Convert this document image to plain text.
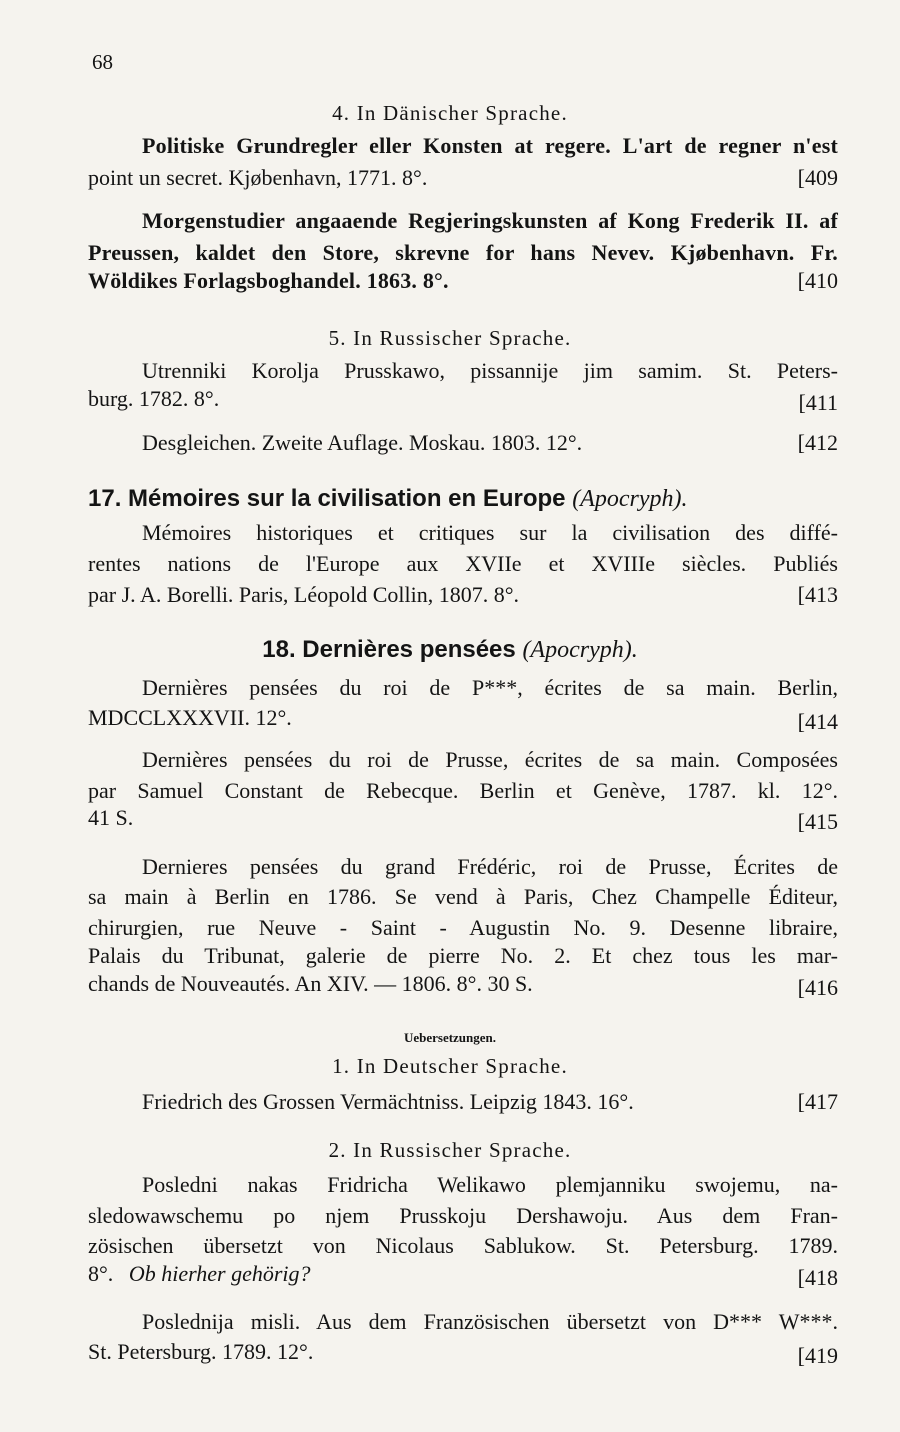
68
4. In Dänischer Sprache.
Politiske Grundregler eller Konsten at regere. L'art de regner n'est
point un secret. Kjøbenhavn, 1771. 8°.	[409
Morgenstudier angaaende Regjeringskunsten af Kong Frederik II. af
Preussen, kaldet den Store, skrevne for hans Nevev. Kjøbenhavn. Fr.
Wöldikes Forlagsboghandel. 1863. 8°.	[410
5. In Russischer Sprache.
Utrenniki Korolja Prusskawo, pissannije jim samim. St. Peters-
burg. 1782. 8°.	[411
Desgleichen. Zweite Auflage. Moskau. 1803. 12°.	[412
17. Mémoires sur la civilisation en Europe (Apocryph).
Mémoires historiques et critiques sur la civilisation des diffé-
rentes nations de l'Europe aux XVIIe et XVIIIe siècles. Publiés
par J. A. Borelli. Paris, Léopold Collin, 1807. 8°.	[413
18. Dernières pensées (Apocryph).
Dernières pensées du roi de P***, écrites de sa main. Berlin,
MDCCLXXXVII. 12°.	[414
Dernières pensées du roi de Prusse, écrites de sa main. Composées
par Samuel Constant de Rebecque. Berlin et Genève, 1787. kl. 12°.
41 S.	[415
Dernieres pensées du grand Frédéric, roi de Prusse, Écrites de
sa main à Berlin en 1786. Se vend à Paris, Chez Champelle Éditeur,
chirurgien, rue Neuve - Saint - Augustin No. 9. Desenne libraire,
Palais du Tribunat, galerie de pierre No. 2. Et chez tous les mar-
chands de Nouveautés. An XIV. — 1806. 8°. 30 S.	[416
Uebersetzungen.
1. In Deutscher Sprache.
Friedrich des Grossen Vermächtniss. Leipzig 1843. 16°.	[417
2. In Russischer Sprache.
Posledni nakas Fridricha Welikawo plemjanniku swojemu, na-
sledowawschemu po njem Prusskoju Dershawoju. Aus dem Fran-
zösischen übersetzt von Nicolaus Sablukow. St. Petersburg. 1789.
8°. Ob hierher gehörig?	[418
Poslednija misli. Aus dem Französischen übersetzt von D*** W***.
St. Petersburg. 1789. 12°.	[419
